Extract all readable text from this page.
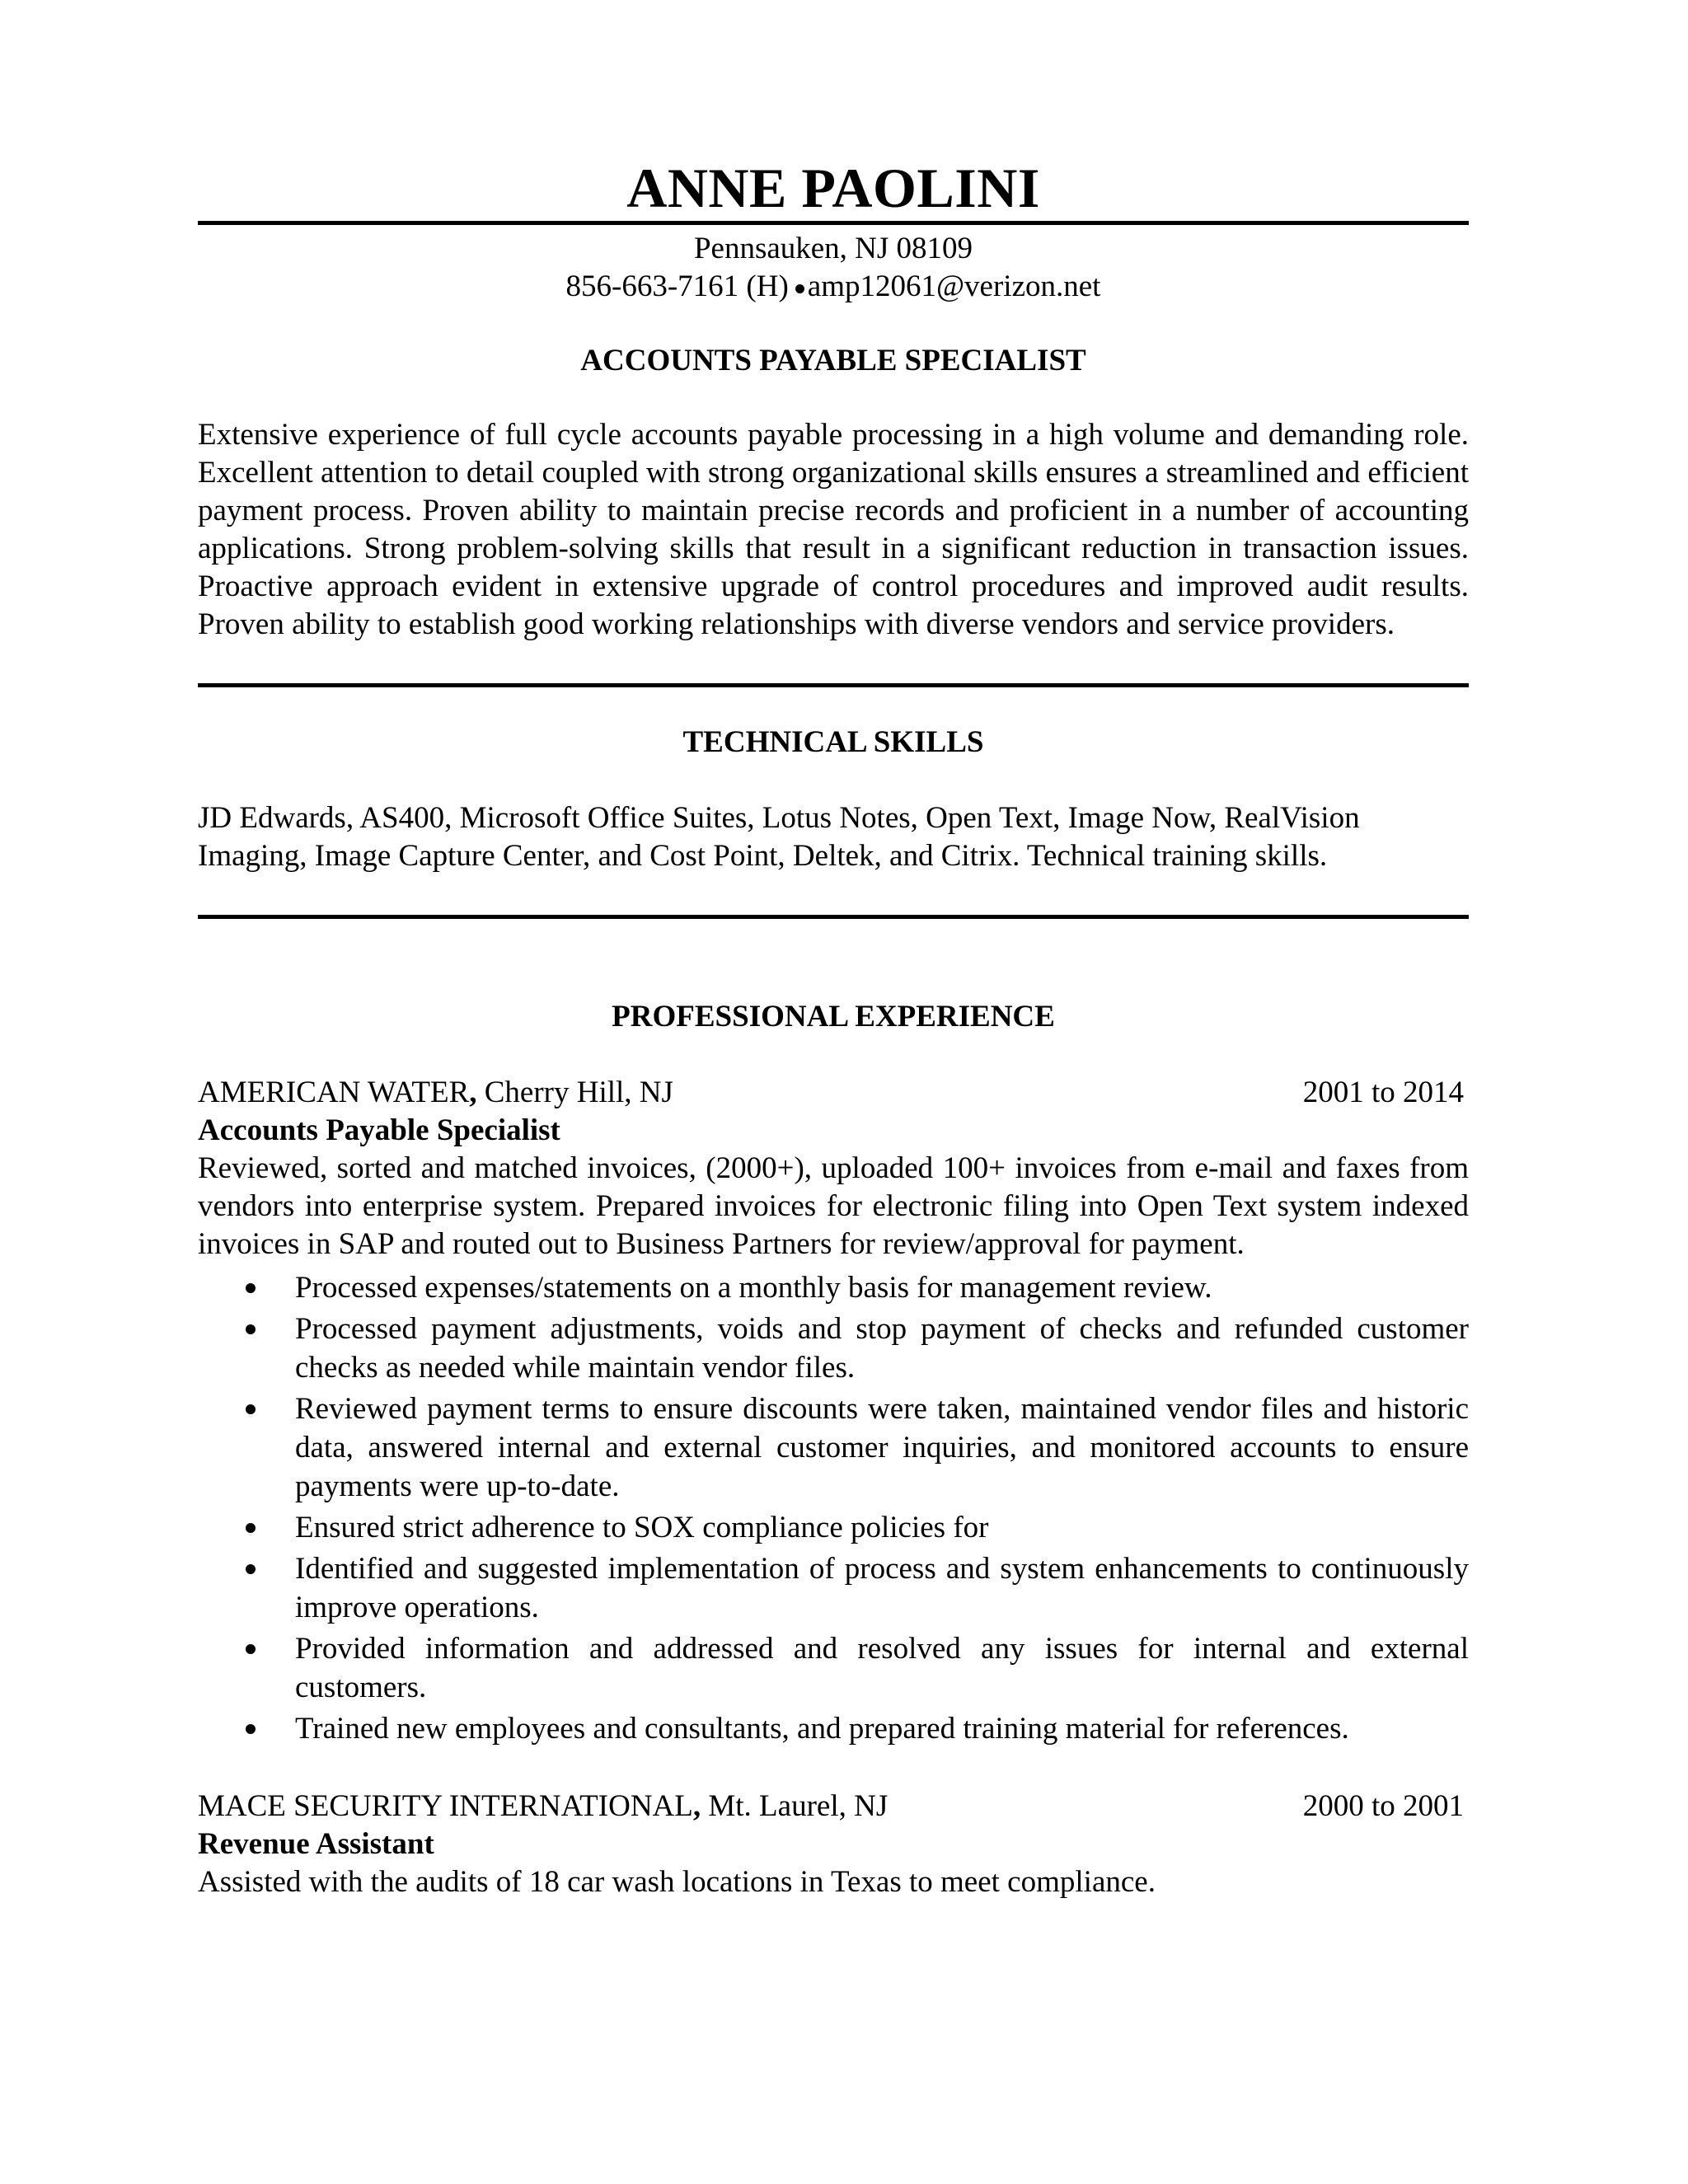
ANNE PAOLINI

Pennsauken, NJ 08109

856-663-7161 (H) amp12061@verizon.net

ACCOUNTS PAYABLE SPECIALIST

Extensive experience of full cycle accounts payable processing in a high volume and demanding role. Excellent attention to detail coupled with strong organizational skills ensures a streamlined and efficient payment process. Proven ability to maintain precise records and proficient in a number of accounting applications. Strong problem-solving skills that result in a significant reduction in transaction issues. Proactive approach evident in extensive upgrade of control procedures and improved audit results. Proven ability to establish good working relationships with diverse vendors and service providers.

TECHNICAL SKILLS

JD Edwards, AS400, Microsoft Office Suites, Lotus Notes, Open Text, Image Now, RealVision Imaging, Image Capture Center, and Cost Point, Deltek, and Citrix. Technical training skills.

PROFESSIONAL EXPERIENCE
AMERICAN WATER, Cherry Hill, NJ	2001 to 2014

Accounts Payable Specialist

Reviewed, sorted and matched invoices, (2000+), uploaded 100+ invoices from e-mail and faxes from vendors into enterprise system. Prepared invoices for electronic filing into Open Text system indexed invoices in SAP and routed out to Business Partners for review/approval for payment.

Processed expenses/statements on a monthly basis for management review.
Processed payment adjustments, voids and stop payment of checks and refunded customer checks as needed while maintain vendor files.
Reviewed payment terms to ensure discounts were taken, maintained vendor files and historic data, answered internal and external customer inquiries, and monitored accounts to ensure payments were up-to-date.
Ensured strict adherence to SOX compliance policies for
Identified and suggested implementation of process and system enhancements to continuously improve operations.
Provided information and addressed and resolved any issues for internal and external customers.
Trained new employees and consultants, and prepared training material for references.
MACE SECURITY INTERNATIONAL, Mt. Laurel, NJ	2000 to 2001

Revenue Assistant

Assisted with the audits of 18 car wash locations in Texas to meet compliance.
